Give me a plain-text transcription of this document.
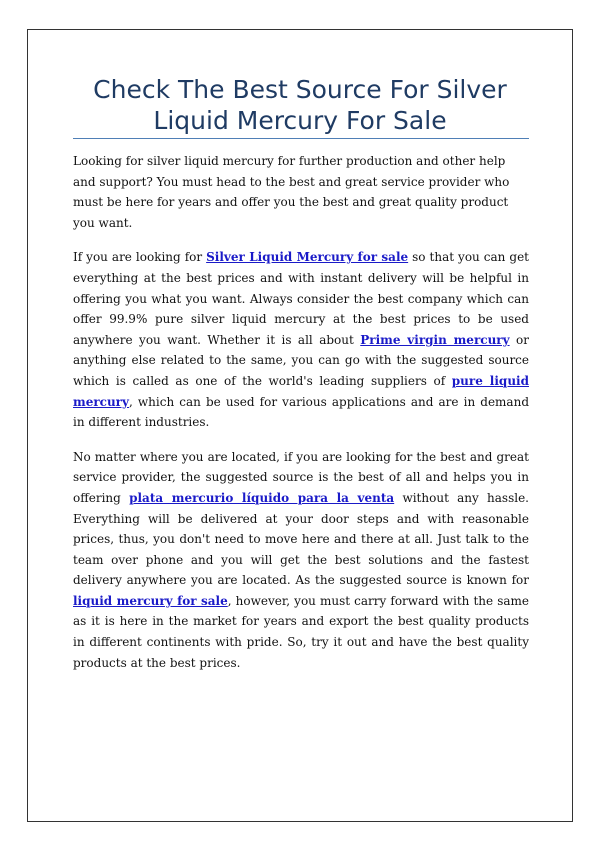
Check The Best Source For Silver Liquid Mercury For Sale

Looking for silver liquid mercury for further production and other help and support? You must head to the best and great service provider who must be here for years and offer you the best and great quality product you want.

If you are looking for Silver Liquid Mercury for sale so that you can get everything at the best prices and with instant delivery will be helpful in offering you what you want. Always consider the best company which can offer 99.9% pure silver liquid mercury at the best prices to be used anywhere you want. Whether it is all about Prime virgin mercury or anything else related to the same, you can go with the suggested source which is called as one of the world's leading suppliers of pure liquid mercury, which can be used for various applications and are in demand in different industries.

No matter where you are located, if you are looking for the best and great service provider, the suggested source is the best of all and helps you in offering plata mercurio líquido para la venta without any hassle. Everything will be delivered at your door steps and with reasonable prices, thus, you don't need to move here and there at all. Just talk to the team over phone and you will get the best solutions and the fastest delivery anywhere you are located. As the suggested source is known for liquid mercury for sale, however, you must carry forward with the same as it is here in the market for years and export the best quality products in different continents with pride. So, try it out and have the best quality products at the best prices.
